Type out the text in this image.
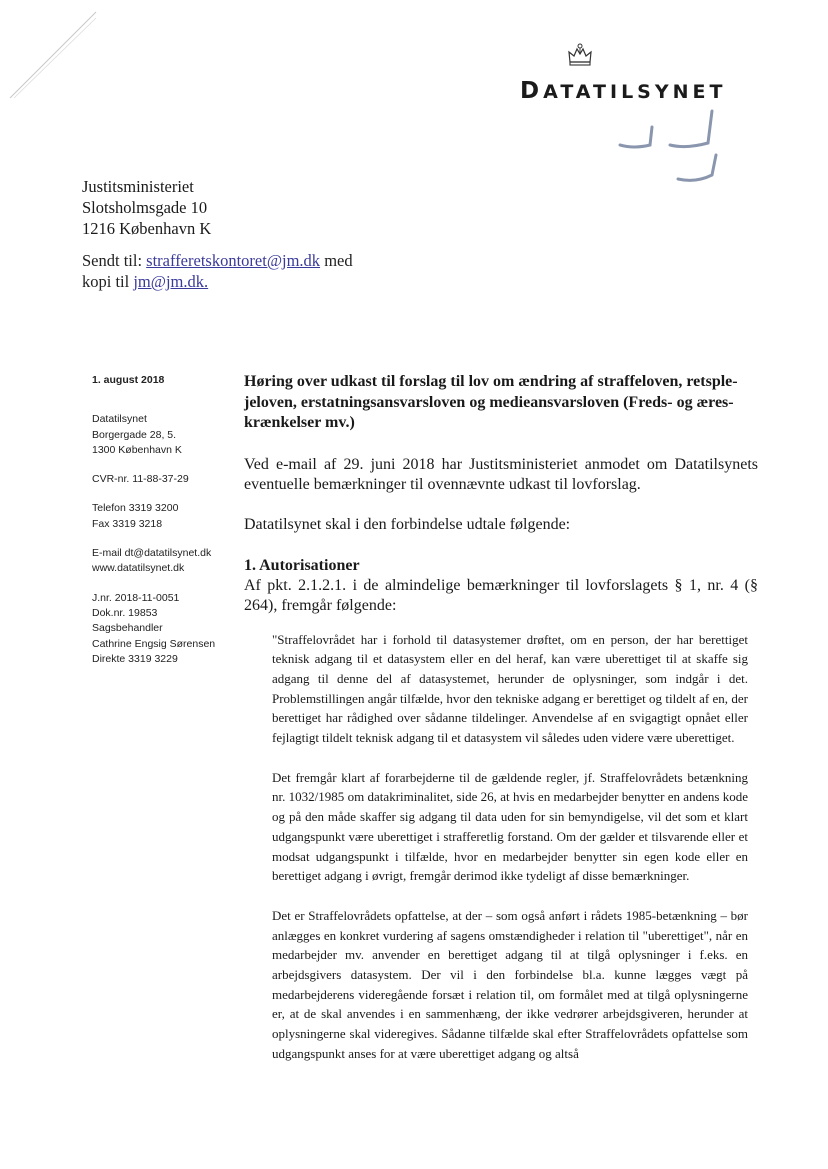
DATATILSYNET
Justitsministeriet
Slotsholmsgade 10
1216 København K
Sendt til: strafferetskontoret@jm.dk med
kopi til jm@jm.dk.

1. august 2018

Datatilsynet

Borgergade 28, 5.

1300 København K

CVR-nr. 11-88-37-29

Telefon 3319 3200

Fax 3319 3218

E-mail dt@datatilsynet.dk

www.datatilsynet.dk

J.nr. 2018-11-0051

Dok.nr. 19853

Sagsbehandler

Cathrine Engsig Sørensen

Direkte 3319 3229

Høring over udkast til forslag til lov om ændring af straffeloven, retsple-jeloven, erstatningsansvarsloven og medieansvarsloven (Freds- og æres-krænkelser mv.)

Ved e-mail af 29. juni 2018 har Justitsministeriet anmodet om Datatilsynets eventuelle bemærkninger til ovennævnte udkast til lovforslag.

Datatilsynet skal i den forbindelse udtale følgende:

1. Autorisationer

Af pkt. 2.1.2.1. i de almindelige bemærkninger til lovforslagets § 1, nr. 4 (§ 264), fremgår følgende:

"Straffelovrådet har i forhold til datasystemer drøftet, om en person, der har berettiget teknisk adgang til et datasystem eller en del heraf, kan være uberettiget til at skaffe sig adgang til denne del af datasystemet, herunder de oplysninger, som indgår i det. Problemstillingen angår tilfælde, hvor den tekniske adgang er berettiget og tildelt af en, der berettiget har rådighed over sådanne tildelinger. Anvendelse af en svigagtigt opnået eller fejlagtigt tildelt teknisk adgang til et datasystem vil således uden videre være uberettiget.

Det fremgår klart af forarbejderne til de gældende regler, jf. Straffelovrådets betænkning nr. 1032/1985 om datakriminalitet, side 26, at hvis en medarbejder benytter en andens kode og på den måde skaffer sig adgang til data uden for sin bemyndigelse, vil det som et klart udgangspunkt være uberettiget i strafferetlig forstand. Om der gælder et tilsvarende eller et modsat udgangspunkt i tilfælde, hvor en medarbejder benytter sin egen kode eller en berettiget adgang i øvrigt, fremgår derimod ikke tydeligt af disse bemærkninger.

Det er Straffelovrådets opfattelse, at der – som også anført i rådets 1985-betænkning – bør anlægges en konkret vurdering af sagens omstændigheder i relation til "uberettiget", når en medarbejder mv. anvender en berettiget adgang til at tilgå oplysninger i f.eks. en arbejdsgivers datasystem. Der vil i den forbindelse bl.a. kunne lægges vægt på medarbejderens videregående forsæt i relation til, om formålet med at tilgå oplysningerne er, at de skal anvendes i en sammenhæng, der ikke vedrører arbejdsgiveren, herunder at oplysningerne skal videregives. Sådanne tilfælde skal efter Straffelovrådets opfattelse som udgangspunkt anses for at være uberettiget adgang og altså
